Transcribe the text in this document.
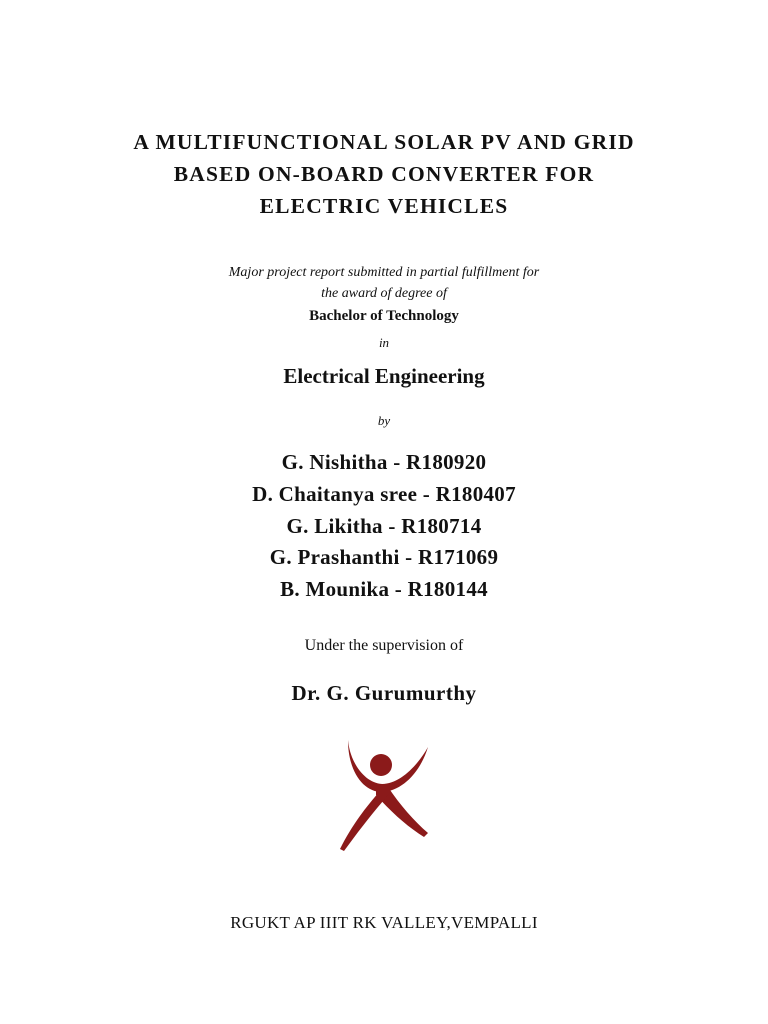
A MULTIFUNCTIONAL SOLAR PV AND GRID
BASED ON-BOARD CONVERTER FOR
ELECTRIC VEHICLES
Major project report submitted in partial fulfillment for
the award of degree of
Bachelor of Technology
in
Electrical Engineering
by
G. Nishitha - R180920
D. Chaitanya sree - R180407
G. Likitha - R180714
G. Prashanthi - R171069
B. Mounika - R180144
Under the supervision of
Dr. G. Gurumurthy
RGUKT AP IIIT RK VALLEY,VEMPALLI
